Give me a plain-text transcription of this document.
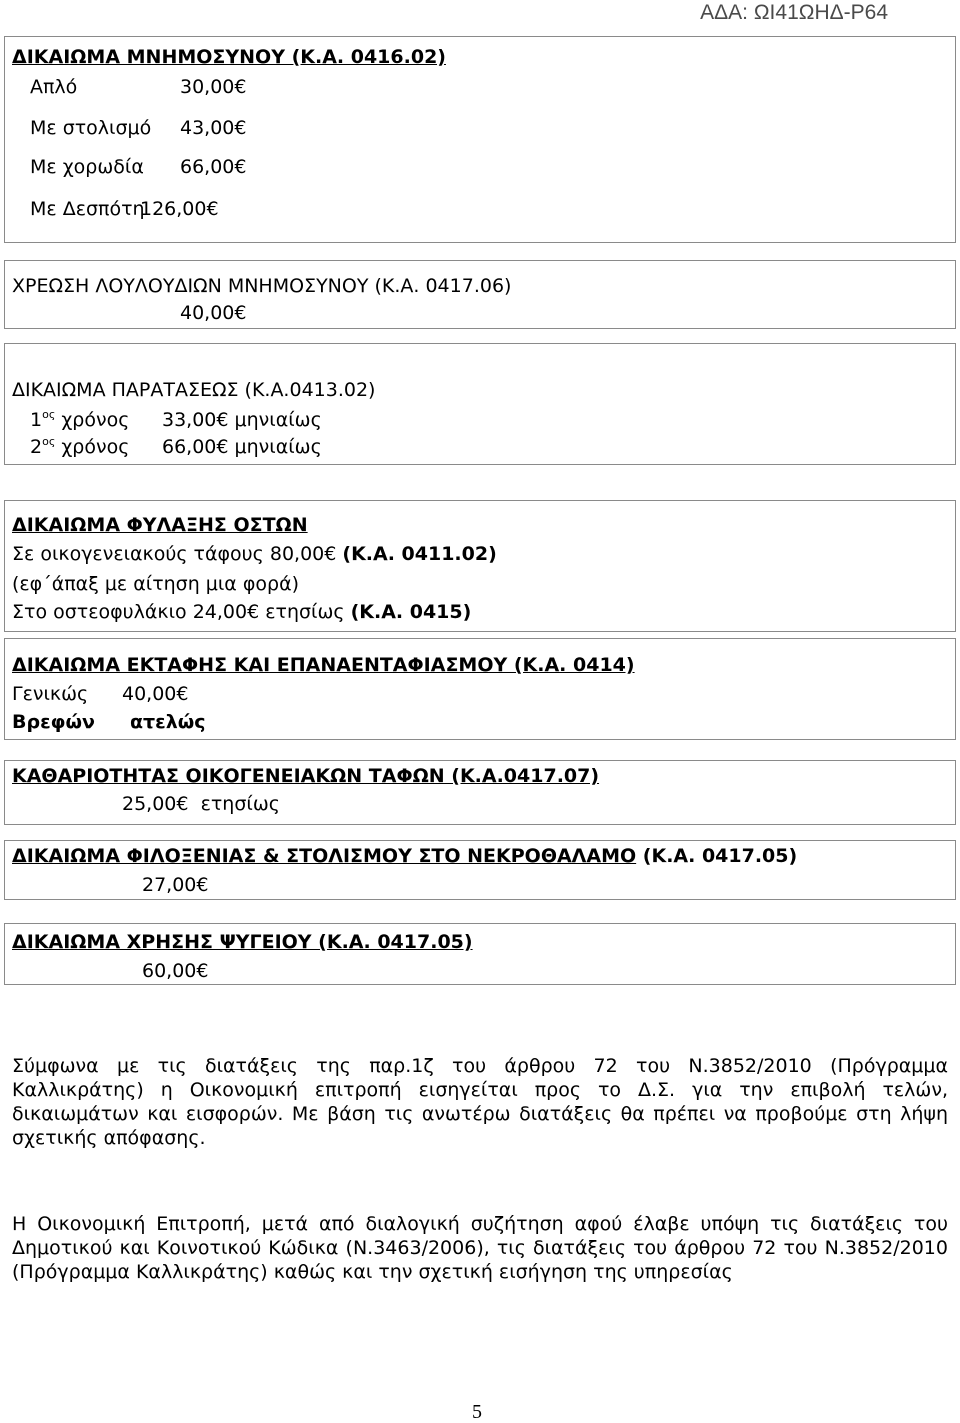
ΑΔΑ: ΩΙ41ΩΗΔ-Ρ64
ΔΙΚΑΙΩΜΑ ΜΝΗΜΟΣΥΝΟΥ (Κ.Α. 0416.02)
Απλό	30,00€
Με στολισμό 43,00€
Με χορωδία 66,00€
Με Δεσπότη
126,00€
ΧΡΕΩΣΗ ΛΟΥΛΟΥΔΙΩΝ ΜΝΗΜΟΣΥΝΟΥ (Κ.Α. 0417.06)
40,00€
ΔΙΚΑΙΩΜΑ ΠΑΡΑΤΑΣΕΩΣ (Κ.Α.0413.02)
$1^{o\varsigma}$ χρόνος 33,00€ μηνιαίως
$2^{o\varsigma}$ χρόνος 66,00€ μηνιαίως
ΔΙΚΑΙΩΜΑ ΦΥΛΑΞΗΣ ΟΣΤΩΝ
Σε οικογενειακούς τάφους 80,00€ (Κ.Α. 0411.02)
(εφ΄άπαξ με αίτηση μια φορά)
Στο οστεοφυλάκιο 24,00€ ετησίως (Κ.Α. 0415)
ΔΙΚΑΙΩΜΑ ΕΚΤΑΦΗΣ ΚΑΙ ΕΠΑΝΑΕΝΤΑΦΙΑΣΜΟΥ (Κ.Α. 0414)
Γενικώς 40,00€
Βρεφών ατελώς
ΚΑΘΑΡΙΟΤΗΤΑΣ ΟΙΚΟΓΕΝΕΙΑΚΩΝ ΤΑΦΩΝ (Κ.Α.0417.07)
25,00€ ετησίως
ΔΙΚΑΙΩΜΑ ΦΙΛΟΞΕΝΙΑΣ & ΣΤΟΛΙΣΜΟΥ ΣΤΟ ΝΕΚΡΟΘΑΛΑΜΟ (Κ.Α. 0417.05)
27,00€
ΔΙΚΑΙΩΜΑ ΧΡΗΣΗΣ ΨΥΓΕΙΟΥ (Κ.Α. 0417.05)
60,00€
Σύμφωνα με τις διατάξεις της παρ.1ζ του άρθρου 72 του Ν.3852/2010 (Πρόγραμμα Καλλικράτης) η Οικονομική επιτροπή εισηγείται προς το Δ.Σ. για την επιβολή τελών, δικαιωμάτων και εισφορών. Με βάση τις ανωτέρω διατάξεις θα πρέπει να προβούμε στη λήψη σχετικής απόφασης.
Η Οικονομική Επιτροπή, μετά από διαλογική συζήτηση αφού έλαβε υπόψη τις διατάξεις του Δημοτικού και Κοινοτικού Κώδικα (Ν.3463/2006), τις διατάξεις του άρθρου 72 του Ν.3852/2010 (Πρόγραμμα Καλλικράτης) καθώς και την σχετική εισήγηση της υπηρεσίας
5
